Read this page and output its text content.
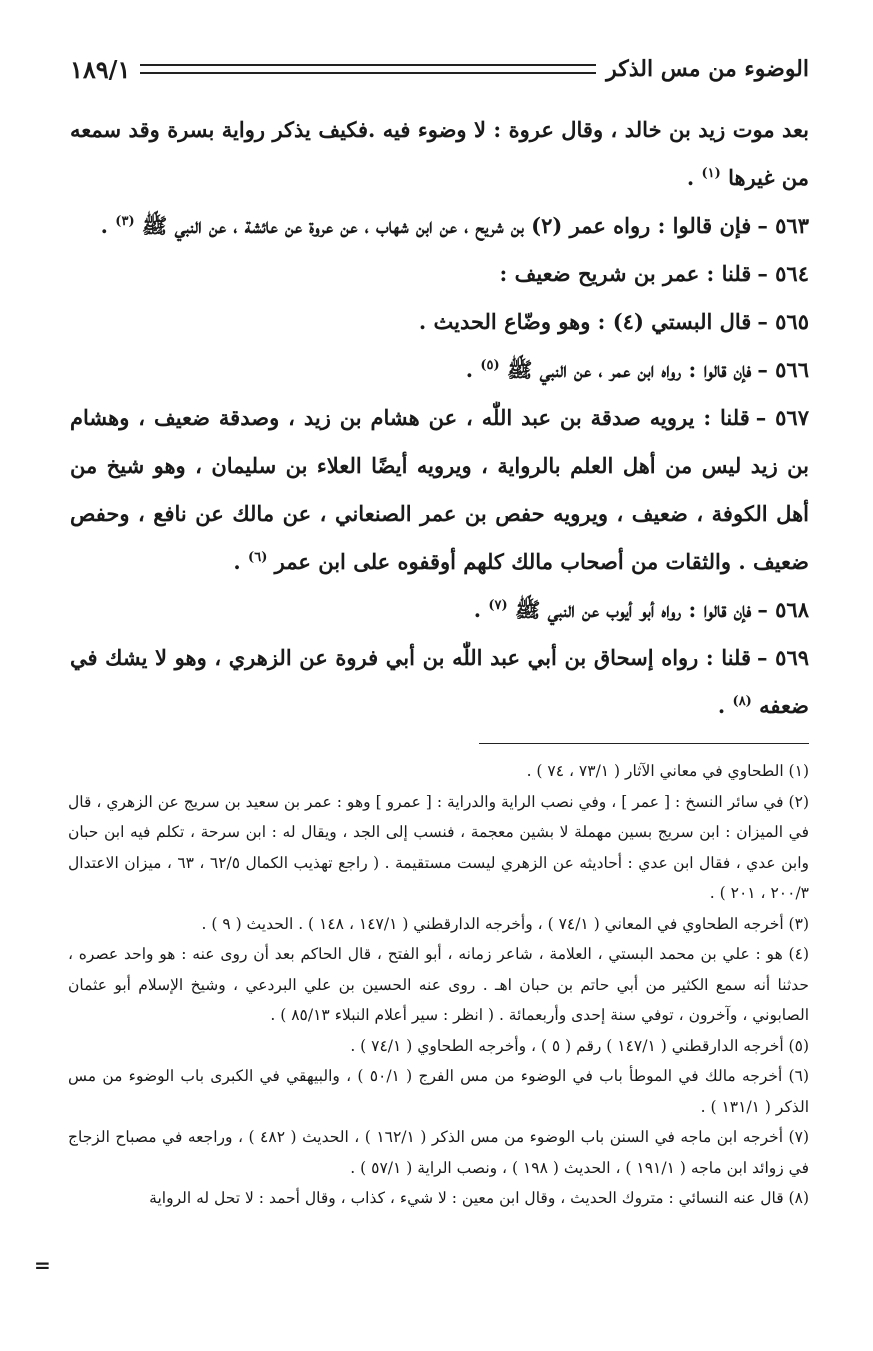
الوضوء من مس الذكر
١٨٩/١

بعد موت زيد بن خالد ، وقال عروة : لا وضوء فيه .فكيف يذكر رواية بسرة وقد سمعه من غيرها $^{(١)}$ .

٥٦٣ –فإن قالوا : رواه عمر (٢) بن شريح ، عن ابن شهاب ، عن عروة عن عائشة ، عن النبي ﷺ $^{(٣)}$ .

٥٦٤ –قلنا : عمر بن شريح ضعيف :

٥٦٥ –قال البستي (٤) : وهو وضّاع الحديث .

٥٦٦ –فإن قالوا : رواه ابن عمر ، عن النبي ﷺ $^{(٥)}$ .

٥٦٧ –قلنا : يرويه صدقة بن عبد اللّٰه ، عن هشام بن زيد ، وصدقة ضعيف ، وهشام بن زيد ليس من أهل العلم بالرواية ، ويرويه أيضًا العلاء بن سليمان ، وهو شيخ من أهل الكوفة ، ضعيف ، ويرويه حفص بن عمر الصنعاني ، عن مالك عن نافع ، وحفص ضعيف . والثقات من أصحاب مالك كلهم أوقفوه على ابن عمر $^{(٦)}$ .

٥٦٨ –فإن قالوا : رواه أبو أيوب عن النبي ﷺ $^{(٧)}$ .

٥٦٩ –قلنا : رواه إسحاق بن أبي عبد اللّٰه بن أبي فروة عن الزهري ، وهو لا يشك في ضعفه $^{(٨)}$ .

(١) الطحاوي في معاني الآثار ( ٧٣/١ ، ٧٤ ) .

(٢) في سائر النسخ : [ عمر ] ، وفي نصب الراية والدراية : [ عمرو ] وهو : عمر بن سعيد بن سريج عن الزهري ، قال في الميزان : ابن سريج بسين مهملة لا بشين معجمة ، فنسب إلى الجد ، ويقال له : ابن سرحة ، تكلم فيه ابن حبان وابن عدي ، فقال ابن عدي : أحاديثه عن الزهري ليست مستقيمة . ( راجع تهذيب الكمال ٦٢/٥ ، ٦٣ ، ميزان الاعتدال ٢٠٠/٣ ، ٢٠١ ) .

(٣) أخرجه الطحاوي في المعاني ( ٧٤/١ ) ، وأخرجه الدارقطني ( ١٤٧/١ ، ١٤٨ ) . الحديث ( ٩ ) .

(٤) هو : علي بن محمد البستي ، العلامة ، شاعر زمانه ، أبو الفتح ، قال الحاكم بعد أن روى عنه : هو واحد عصره ، حدثنا أنه سمع الكثير من أبي حاتم بن حبان اهـ . روى عنه الحسين بن علي البردعي ، وشيخ الإسلام أبو عثمان الصابوني ، وآخرون ، توفي سنة إحدى وأربعمائة . ( انظر : سير أعلام النبلاء ٨٥/١٣ ) .

(٥) أخرجه الدارقطني ( ١٤٧/١ ) رقم ( ٥ ) ، وأخرجه الطحاوي ( ٧٤/١ ) .

(٦) أخرجه مالك في الموطأ باب في الوضوء من مس الفرج ( ٥٠/١ ) ، والبيهقي في الكبرى باب الوضوء من مس الذكر ( ١٣١/١ ) .

(٧) أخرجه ابن ماجه في السنن باب الوضوء من مس الذكر ( ١٦٢/١ ) ، الحديث ( ٤٨٢ ) ، وراجعه في مصباح الزجاج في زوائد ابن ماجه ( ١٩١/١ ) ، الحديث ( ١٩٨ ) ، ونصب الراية ( ٥٧/١ ) .

(٨) قال عنه النسائي : متروك الحديث ، وقال ابن معين : لا شيء ، كذاب ، وقال أحمد : لا تحل له الرواية

=
